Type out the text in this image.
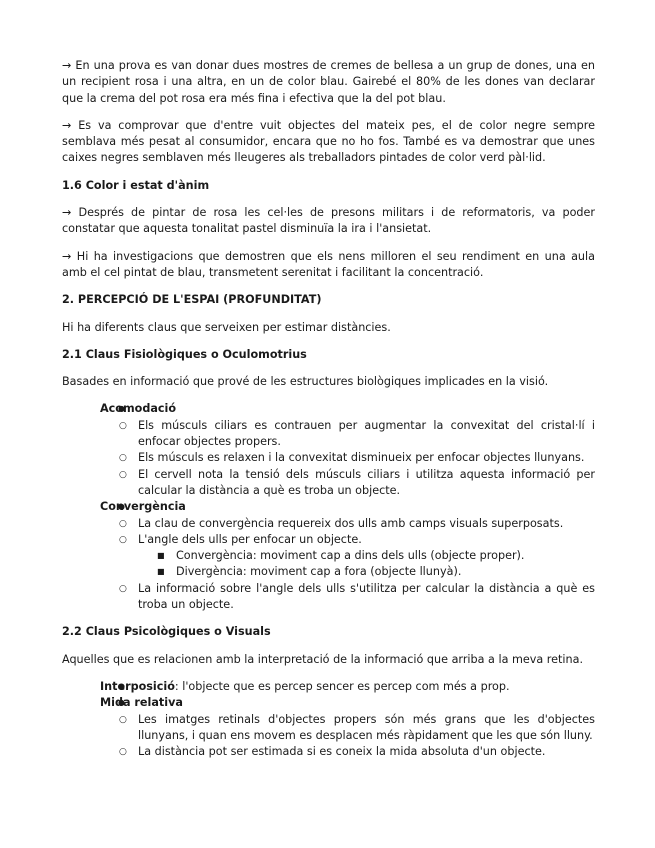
→ En una prova es van donar dues mostres de cremes de bellesa a un grup de dones, una en un recipient rosa i una altra, en un de color blau. Gairebé el 80% de les dones van declarar que la crema del pot rosa era més fina i efectiva que la del pot blau.

→ Es va comprovar que d'entre vuit objectes del mateix pes, el de color negre sempre semblava més pesat al consumidor, encara que no ho fos. També es va demostrar que unes caixes negres semblaven més lleugeres als treballadors pintades de color verd pàl·lid.

1.6 Color i estat d'ànim

→ Després de pintar de rosa les cel·les de presons militars i de reformatoris, va poder constatar que aquesta tonalitat pastel disminuïa la ira i l'ansietat.

→ Hi ha investigacions que demostren que els nens milloren el seu rendiment en una aula amb el cel pintat de blau, transmetent serenitat i facilitant la concentració.

2. PERCEPCIÓ DE L'ESPAI (PROFUNDITAT)

Hi ha diferents claus que serveixen per estimar distàncies.

2.1 Claus Fisiològiques o Oculomotrius

Basades en informació que prové de les estructures biològiques implicades en la visió.

● Acomodació
○ Els músculs ciliars es contrauen per augmentar la convexitat del cristal·lí i enfocar objectes propers.
○ Els músculs es relaxen i la convexitat disminueix per enfocar objectes llunyans.
○ El cervell nota la tensió dels músculs ciliars i utilitza aquesta informació per calcular la distància a què es troba un objecte.
● Convergència
○ La clau de convergència requereix dos ulls amb camps visuals superposats.
○ L'angle dels ulls per enfocar un objecte.
■ Convergència: moviment cap a dins dels ulls (objecte proper).
■ Divergència: moviment cap a fora (objecte llunyà).
○ La informació sobre l'angle dels ulls s'utilitza per calcular la distància a què es troba un objecte.
2.2 Claus Psicològiques o Visuals

Aquelles que es relacionen amb la interpretació de la informació que arriba a la meva retina.

● Interposició: l'objecte que es percep sencer es percep com més a prop.
● Mida relativa
○ Les imatges retinals d'objectes propers són més grans que les d'objectes llunyans, i quan ens movem es desplacen més ràpidament que les que són lluny.
○ La distància pot ser estimada si es coneix la mida absoluta d'un objecte.
